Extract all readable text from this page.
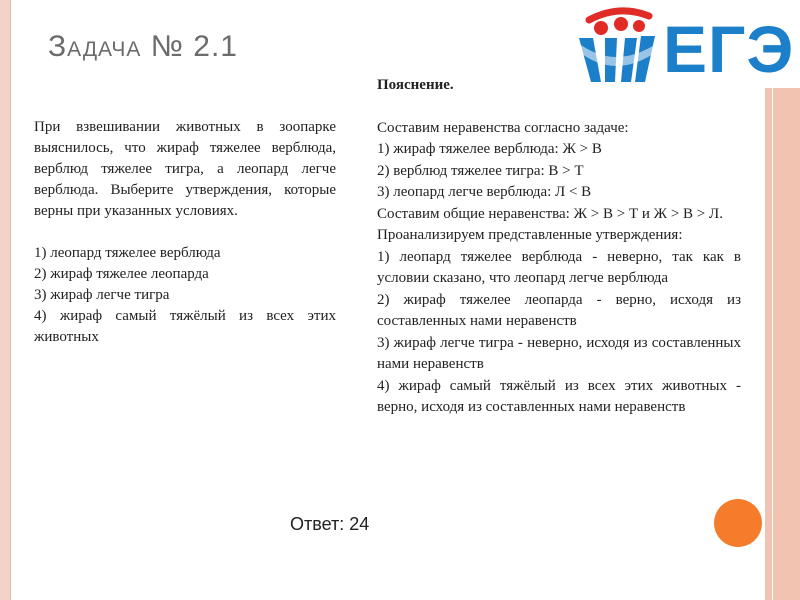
Задача № 2.1	ЕГЭ

При взвешивании животных в зоопарке выяснилось, что жираф тяжелее верблюда, верблюд тяжелее тигра, а леопард легче верблюда. Выберите утверждения, которые верны при указанных условиях.

1) леопард тяжелее верблюда

2) жираф тяжелее леопарда

3) жираф легче тигра

4) жираф самый тяжёлый из всех этих животных

Пояснение.

Составим неравенства согласно задаче:

1) жираф тяжелее верблюда: Ж > В

2) верблюд тяжелее тигра: В > Т

3) леопард легче верблюда: Л < В

Составим общие неравенства: Ж > В > Т и Ж > В > Л.

Проанализируем представленные утверждения:

1) леопард тяжелее верблюда - неверно, так как в условии сказано, что леопард легче верблюда

2) жираф тяжелее леопарда - верно, исходя из составленных нами неравенств

3) жираф легче тигра - неверно, исходя из составленных нами неравенств

4) жираф самый тяжёлый из всех этих животных - верно, исходя из составленных нами неравенств

Ответ: 24
